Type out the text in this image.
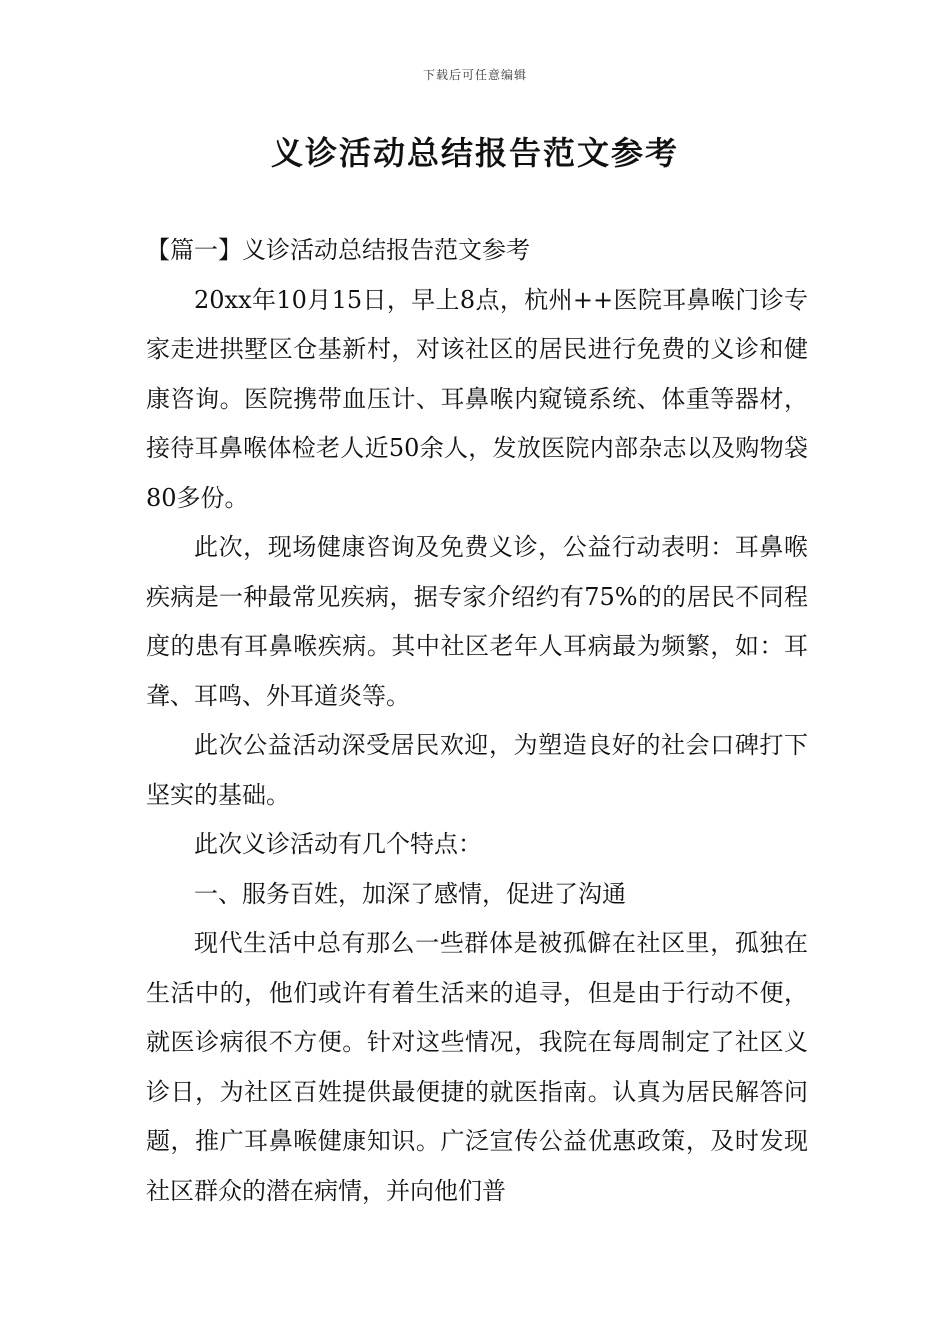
下载后可任意编辑
义诊活动总结报告范文参考

【篇一】义诊活动总结报告范文参考

20xx年10月15日，早上8点，杭州++医院耳鼻喉门诊专家走进拱墅区仓基新村，对该社区的居民进行免费的义诊和健康咨询。医院携带血压计、耳鼻喉内窥镜系统、体重等器材，接待耳鼻喉体检老人近50余人，发放医院内部杂志以及购物袋80多份。

此次，现场健康咨询及免费义诊，公益行动表明：耳鼻喉疾病是一种最常见疾病，据专家介绍约有75%的的居民不同程度的患有耳鼻喉疾病。其中社区老年人耳病最为频繁，如：耳聋、耳鸣、外耳道炎等。

此次公益活动深受居民欢迎，为塑造良好的社会口碑打下坚实的基础。

此次义诊活动有几个特点：

一、服务百姓，加深了感情，促进了沟通

现代生活中总有那么一些群体是被孤僻在社区里，孤独在生活中的，他们或许有着生活来的追寻，但是由于行动不便，就医诊病很不方便。针对这些情况，我院在每周制定了社区义诊日，为社区百姓提供最便捷的就医指南。认真为居民解答问题，推广耳鼻喉健康知识。广泛宣传公益优惠政策，及时发现社区群众的潜在病情，并向他们普
